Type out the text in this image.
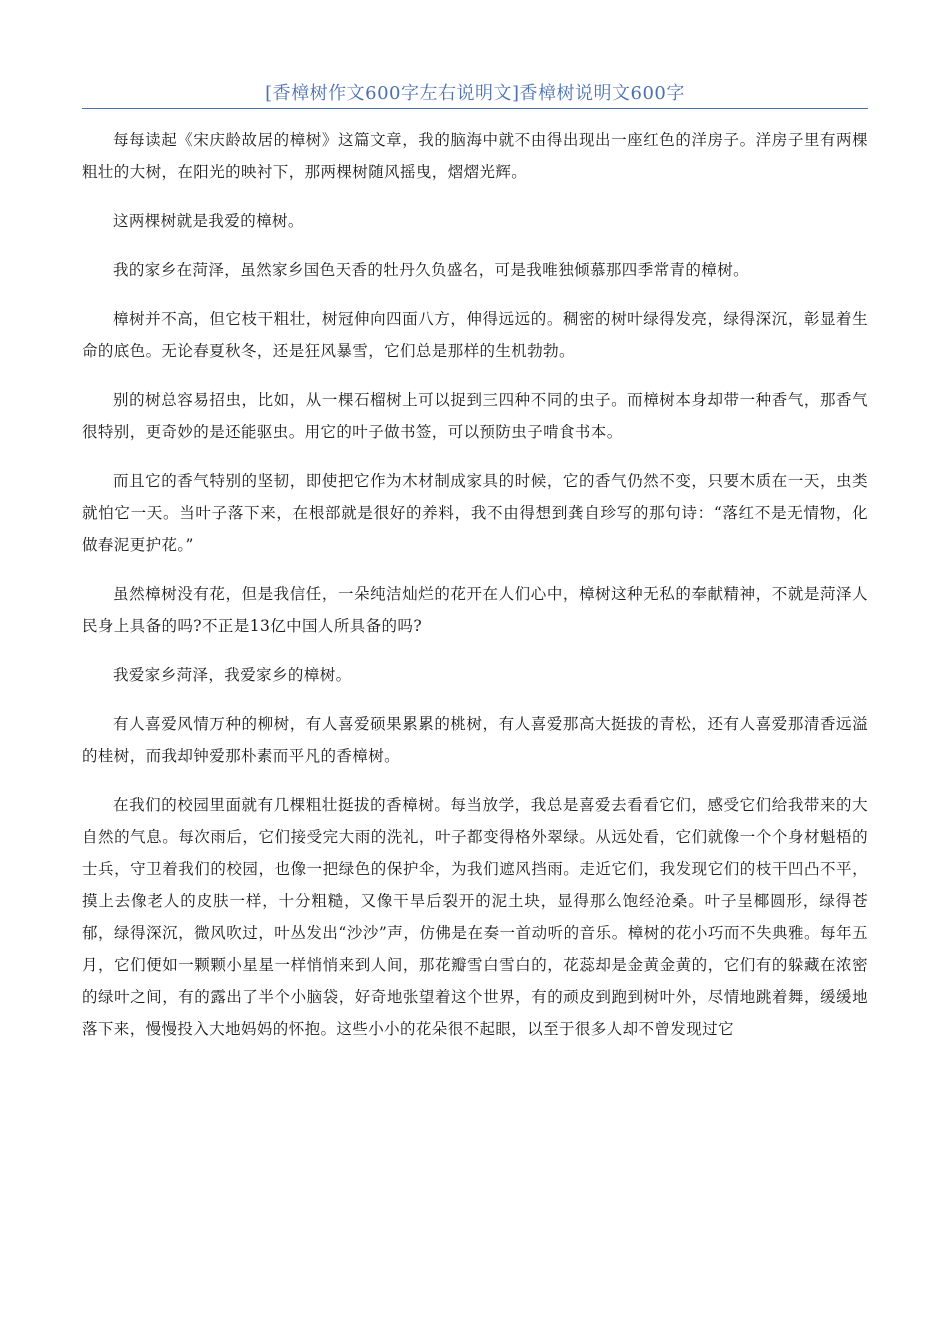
[香樟树作文600字左右说明文]香樟树说明文600字

每每读起《宋庆龄故居的樟树》这篇文章，我的脑海中就不由得出现出一座红色的洋房子。洋房子里有两棵粗壮的大树，在阳光的映衬下，那两棵树随风摇曳，熠熠光辉。

这两棵树就是我爱的樟树。

我的家乡在菏泽，虽然家乡国色天香的牡丹久负盛名，可是我唯独倾慕那四季常青的樟树。

樟树并不高，但它枝干粗壮，树冠伸向四面八方，伸得远远的。稠密的树叶绿得发亮，绿得深沉，彰显着生命的底色。无论春夏秋冬，还是狂风暴雪，它们总是那样的生机勃勃。

别的树总容易招虫，比如，从一棵石榴树上可以捉到三四种不同的虫子。而樟树本身却带一种香气，那香气很特别，更奇妙的是还能驱虫。用它的叶子做书签，可以预防虫子啃食书本。

而且它的香气特别的坚韧，即使把它作为木材制成家具的时候，它的香气仍然不变，只要木质在一天，虫类就怕它一天。当叶子落下来，在根部就是很好的养料，我不由得想到龚自珍写的那句诗：“落红不是无情物，化做春泥更护花。”

虽然樟树没有花，但是我信任，一朵纯洁灿烂的花开在人们心中，樟树这种无私的奉献精神，不就是菏泽人民身上具备的吗?不正是13亿中国人所具备的吗?

我爱家乡菏泽，我爱家乡的樟树。

有人喜爱风情万种的柳树，有人喜爱硕果累累的桃树，有人喜爱那高大挺拔的青松，还有人喜爱那清香远溢的桂树，而我却钟爱那朴素而平凡的香樟树。

在我们的校园里面就有几棵粗壮挺拔的香樟树。每当放学，我总是喜爱去看看它们，感受它们给我带来的大自然的气息。每次雨后，它们接受完大雨的洗礼，叶子都变得格外翠绿。从远处看，它们就像一个个身材魁梧的士兵，守卫着我们的校园，也像一把绿色的保护伞，为我们遮风挡雨。走近它们，我发现它们的枝干凹凸不平，摸上去像老人的皮肤一样，十分粗糙，又像干旱后裂开的泥土块，显得那么饱经沧桑。叶子呈椰圆形，绿得苍郁，绿得深沉，微风吹过，叶丛发出“沙沙”声，仿佛是在奏一首动听的音乐。樟树的花小巧而不失典雅。每年五月，它们便如一颗颗小星星一样悄悄来到人间，那花瓣雪白雪白的，花蕊却是金黄金黄的，它们有的躲藏在浓密的绿叶之间，有的露出了半个小脑袋，好奇地张望着这个世界，有的顽皮到跑到树叶外，尽情地跳着舞，缓缓地落下来，慢慢投入大地妈妈的怀抱。这些小小的花朵很不起眼，以至于很多人却不曾发现过它
